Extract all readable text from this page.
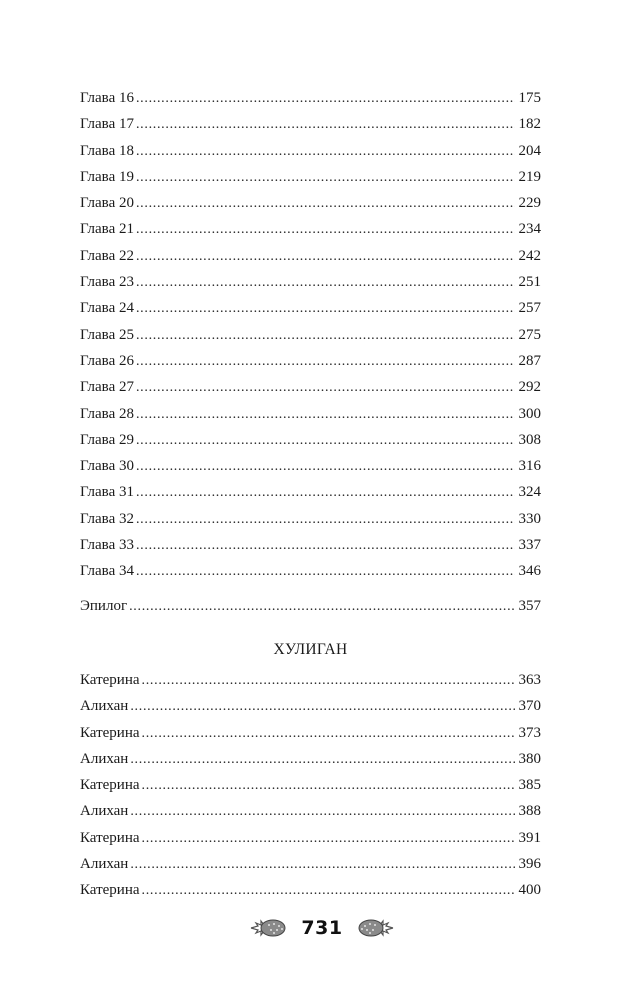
Глава 16 . . .	175
Глава 17 . . .	182
Глава 18 . . .	204
Глава 19 . . .	219
Глава 20 . . .	229
Глава 21 . . .	234
Глава 22 . . .	242
Глава 23 . . .	251
Глава 24 . . .	257
Глава 25 . . .	275
Глава 26 . . .	287
Глава 27 . . .	292
Глава 28 . . .	300
Глава 29 . . .	308
Глава 30 . . .	316
Глава 31 . . .	324
Глава 32 . . .	330
Глава 33 . . .	337
Глава 34 . . .	346
Эпилог . . .	357
ХУЛИГАН
Катерина . . .	363
Алихан . . .	370
Катерина . . .	373
Алихан . . .	380
Катерина . . .	385
Алихан . . .	388
Катерина . . .	391
Алихан . . .	396
Катерина . . .	400
731
